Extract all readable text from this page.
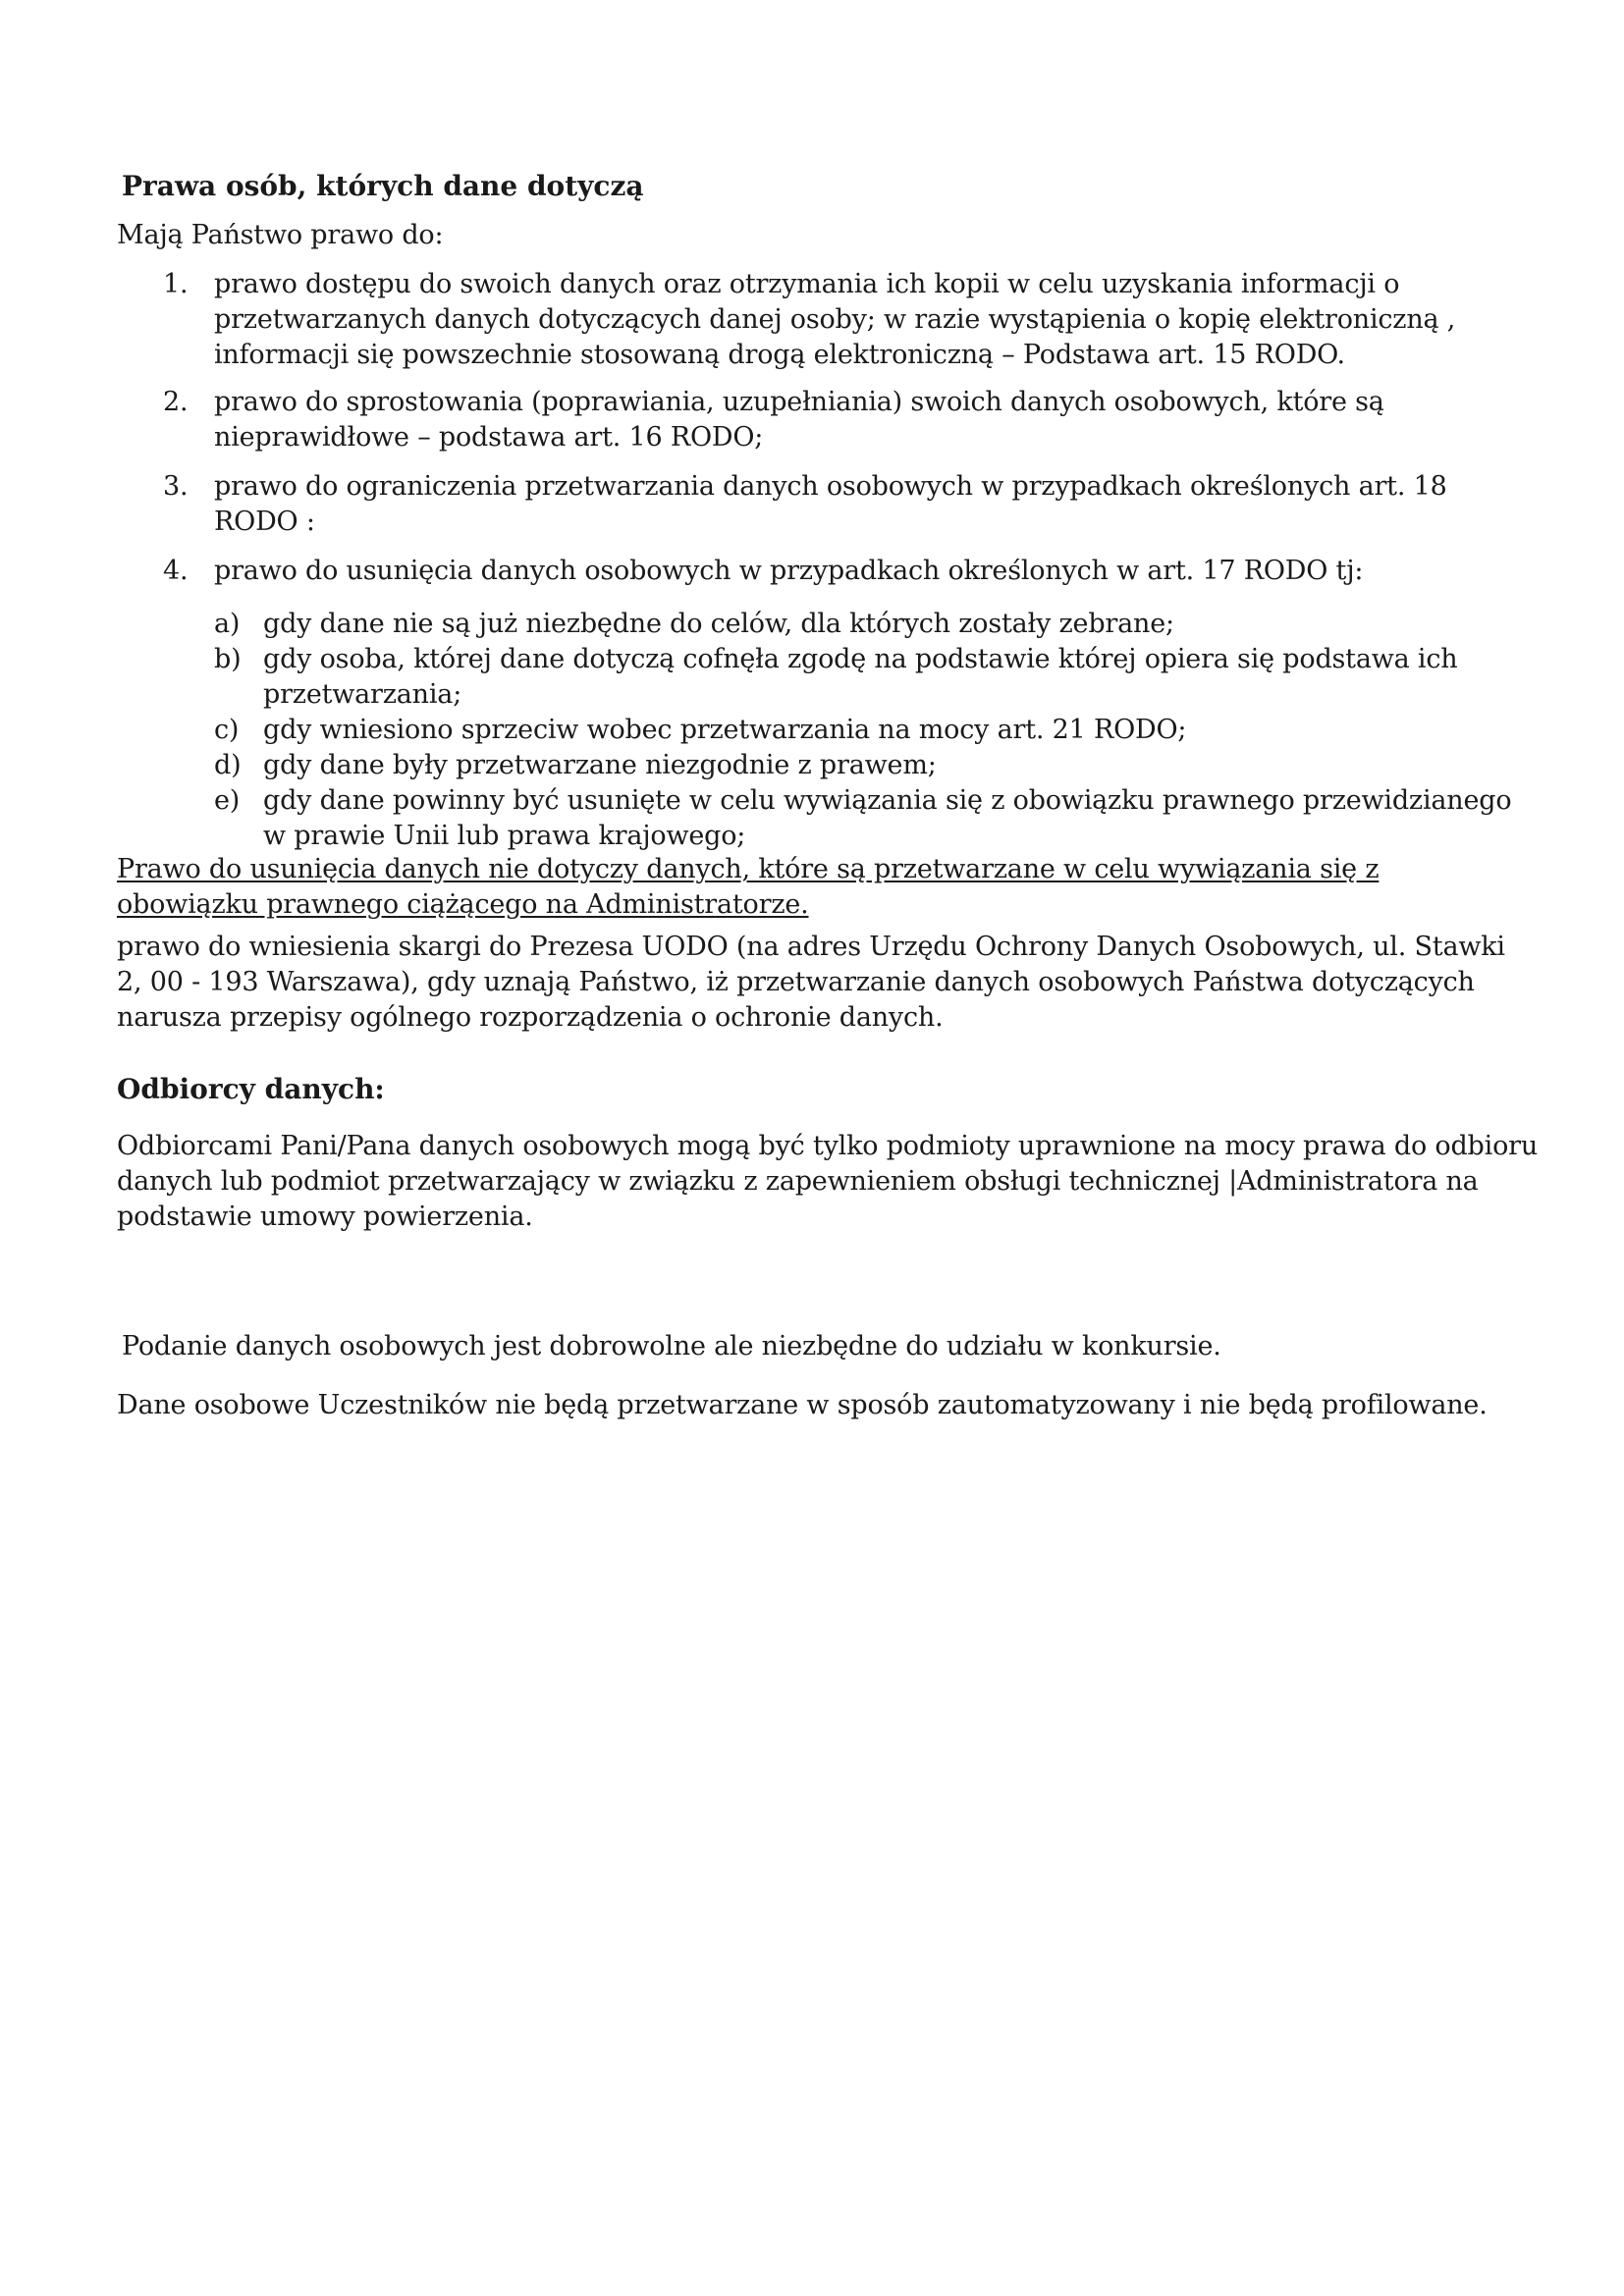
Prawa osób, których dane dotyczą
Mają Państwo prawo do:
1. prawo dostępu do swoich danych oraz otrzymania ich kopii w celu uzyskania informacji o przetwarzanych danych dotyczących danej osoby; w razie wystąpienia o kopię elektroniczną , informacji się powszechnie stosowaną drogą elektroniczną – Podstawa art. 15 RODO.
2. prawo do sprostowania (poprawiania, uzupełniania) swoich danych osobowych, które są nieprawidłowe – podstawa art. 16 RODO;
3. prawo do ograniczenia przetwarzania danych osobowych w przypadkach określonych art. 18 RODO :
4. prawo do usunięcia danych osobowych w przypadkach określonych w art. 17 RODO tj:
a) gdy dane nie są już niezbędne do celów, dla których zostały zebrane;
b) gdy osoba, której dane dotyczą cofnęła zgodę na podstawie której opiera się podstawa ich przetwarzania;
c) gdy wniesiono sprzeciw wobec przetwarzania na mocy art. 21 RODO;
d) gdy dane były przetwarzane niezgodnie z prawem;
e) gdy dane powinny być usunięte w celu wywiązania się z obowiązku prawnego przewidzianego w prawie Unii lub prawa krajowego;
Prawo do usunięcia danych nie dotyczy danych, które są przetwarzane w celu wywiązania się z obowiązku prawnego ciążącego na Administratorze.
prawo do wniesienia skargi do Prezesa UODO (na adres Urzędu Ochrony Danych Osobowych, ul. Stawki 2, 00 - 193 Warszawa), gdy uznają Państwo, iż przetwarzanie danych osobowych Państwa dotyczących narusza przepisy ogólnego rozporządzenia o ochronie danych.
Odbiorcy danych:
Odbiorcami Pani/Pana danych osobowych mogą być tylko podmioty uprawnione na mocy prawa do odbioru danych lub podmiot przetwarzający w związku z zapewnieniem obsługi technicznej |Administratora na podstawie umowy powierzenia.
Podanie danych osobowych jest dobrowolne ale niezbędne do udziału w konkursie.
Dane osobowe Uczestników nie będą przetwarzane w sposób zautomatyzowany i nie będą profilowane.
